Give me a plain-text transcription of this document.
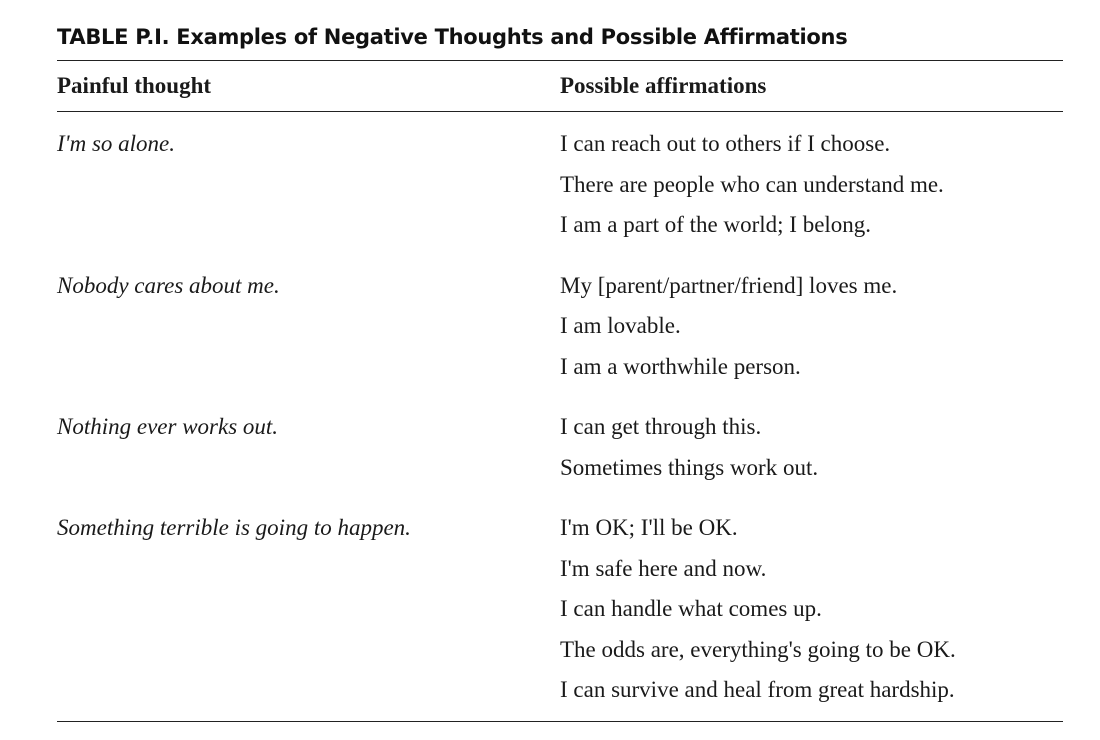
TABLE P.I. Examples of Negative Thoughts and Possible Affirmations
Painful thought	Possible affirmations
I'm so alone.	I can reach out to others if I choose.
There are people who can understand me.
I am a part of the world; I belong.
Nobody cares about me.	My [parent/partner/friend] loves me.
I am lovable.
I am a worthwhile person.
Nothing ever works out.	I can get through this.
Sometimes things work out.
Something terrible is going to happen.	I'm OK; I'll be OK.
I'm safe here and now.
I can handle what comes up.
The odds are, everything's going to be OK.
I can survive and heal from great hardship.
